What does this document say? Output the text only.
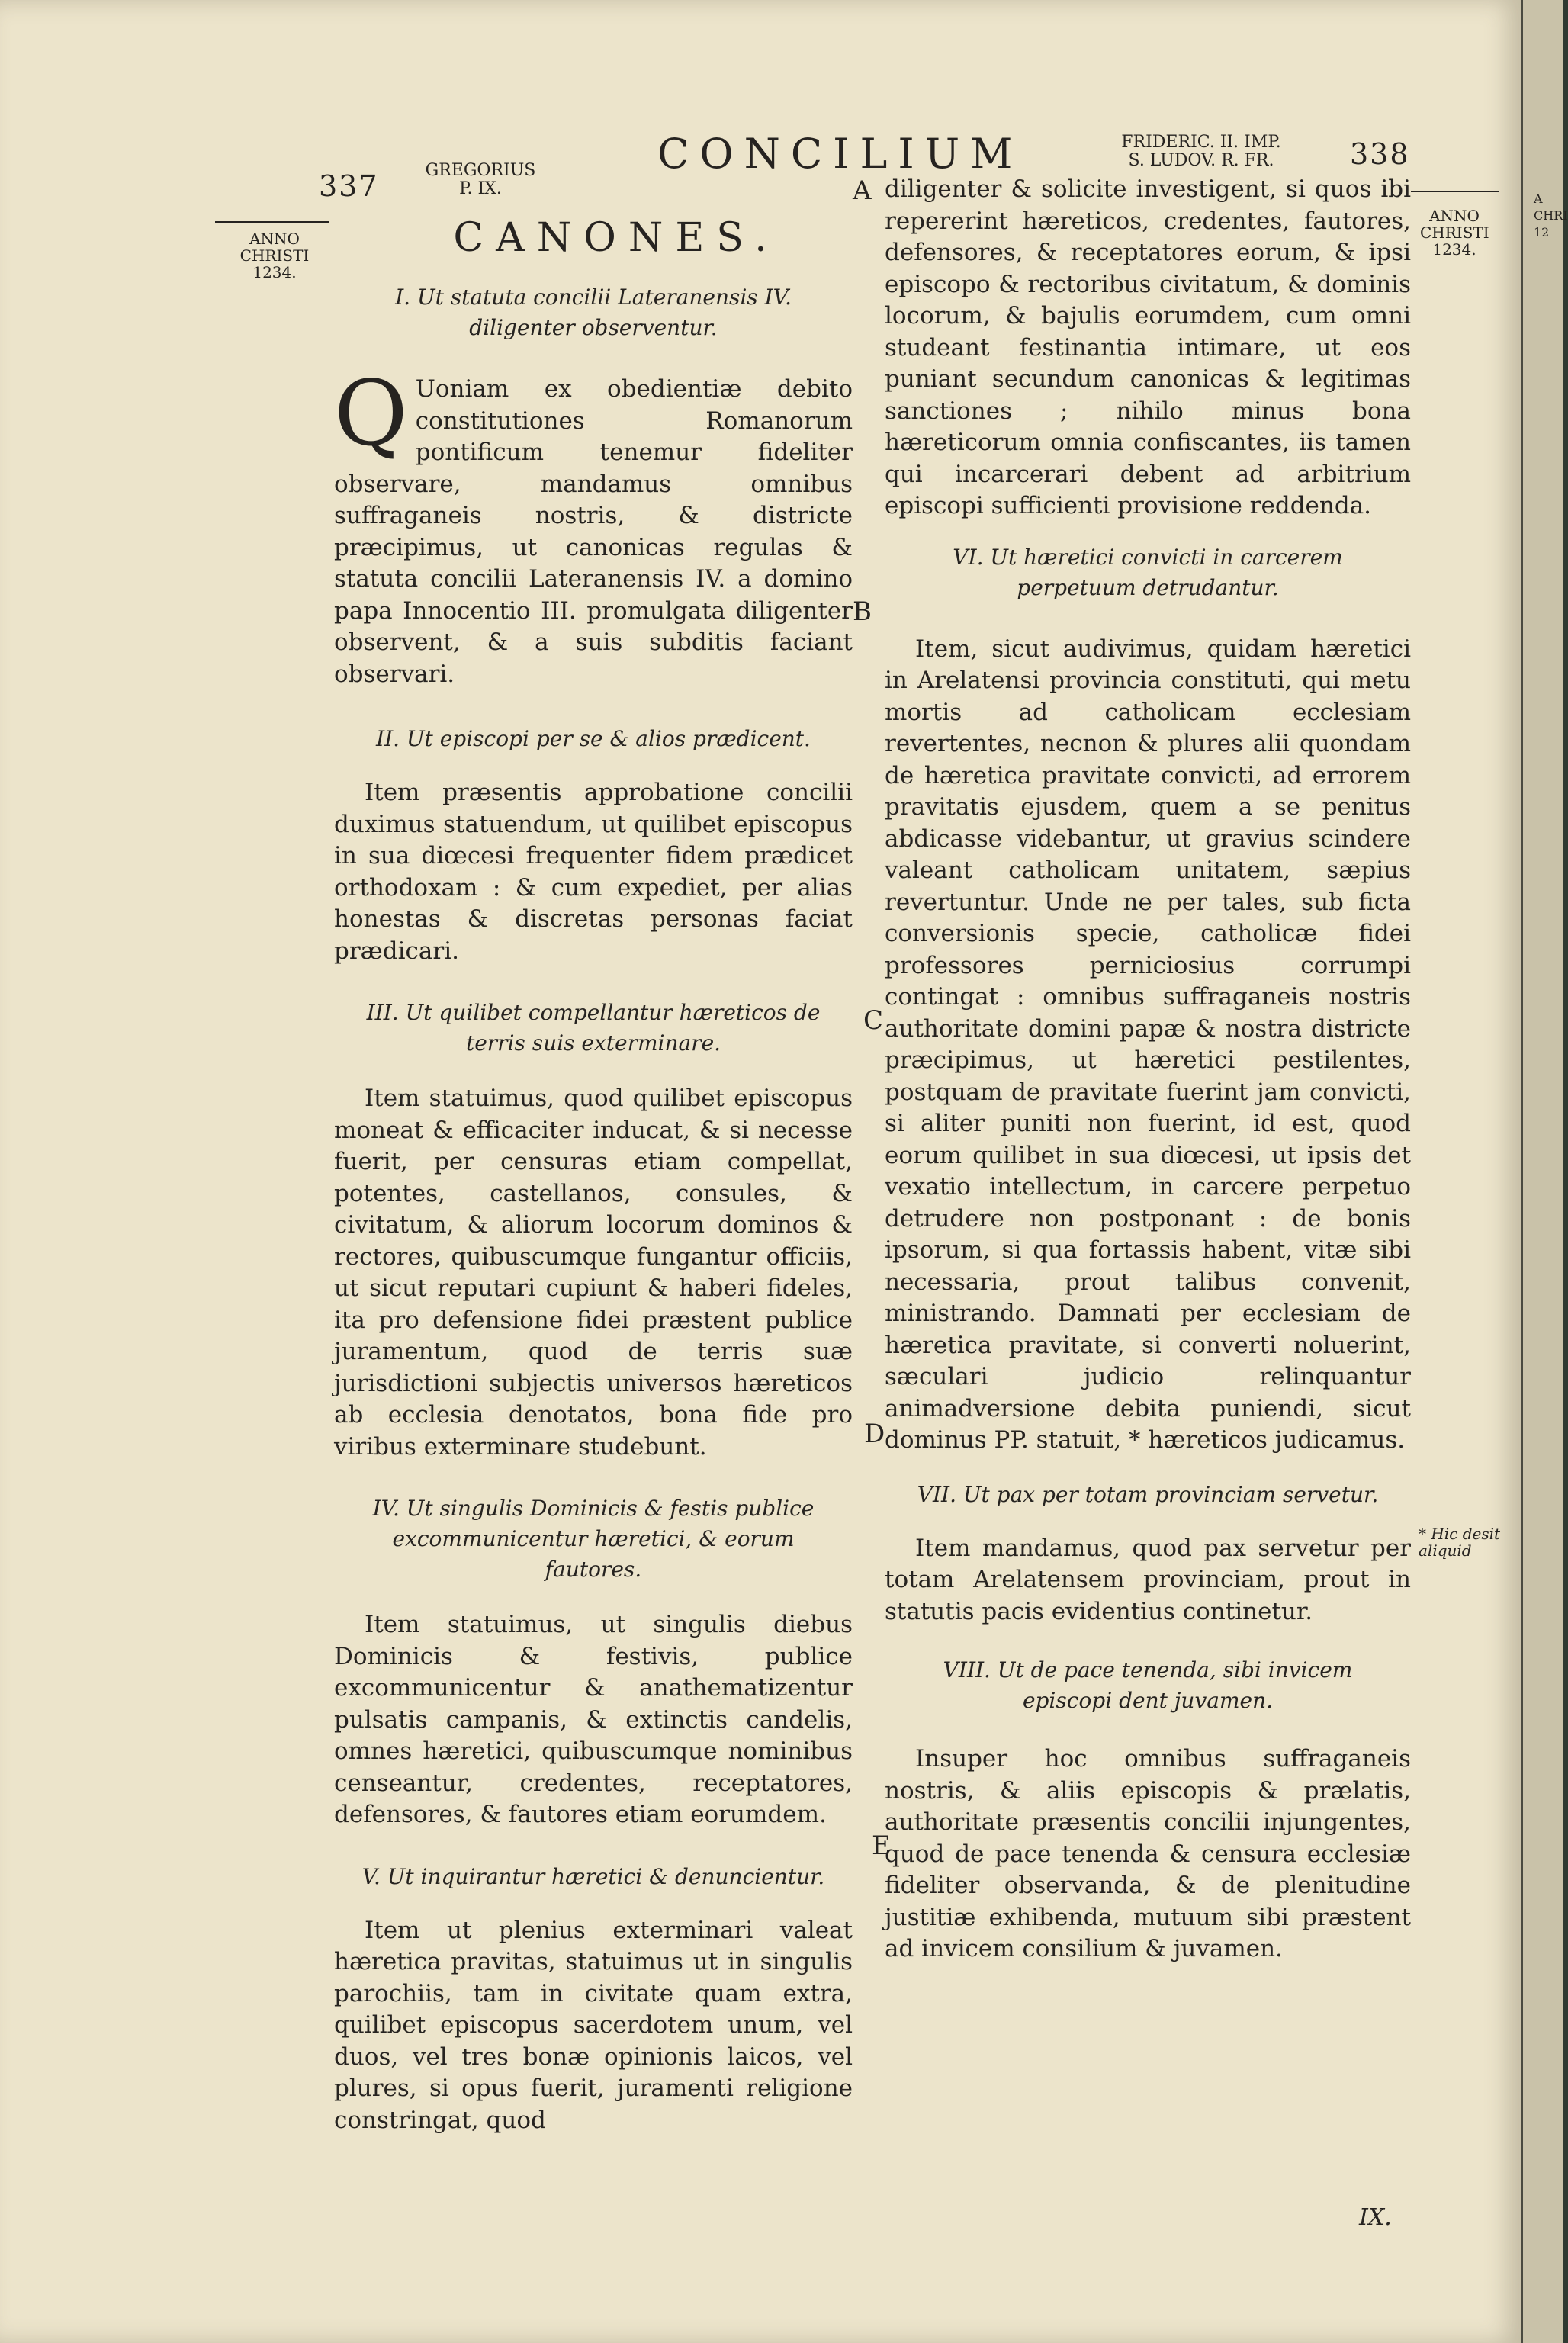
337	GREGORIUS
P. IX.
CONCILIUM	FRIDERIC. II. IMP.
S. LUDOV. R. FR.	338
ANNO
CHRISTI
1234.
ANNO
CHRISTI
1234.
* Hic desit
aliquid
A
B
C
D
E
CANONES.
I. Ut statuta concilii Lateranensis IV. diligenter observentur.
QUoniam ex obedientiæ debito constitutiones Romanorum pontificum tenemur fideliter observare, mandamus omnibus suffraganeis nostris, & districte præcipimus, ut canonicas regulas & statuta concilii Lateranensis IV. a domino papa Innocentio III. promulgata diligenter observent, & a suis subditis faciant observari.
II. Ut episcopi per se & alios prædicent.
Item præsentis approbatione concilii duximus statuendum, ut quilibet episcopus in sua diœcesi frequenter fidem prædicet orthodoxam : & cum expediet, per alias honestas & discretas personas faciat prædicari.
III. Ut quilibet compellantur hæreticos de terris suis exterminare.
Item statuimus, quod quilibet episcopus moneat & efficaciter inducat, & si necesse fuerit, per censuras etiam compellat, potentes, castellanos, consules, & civitatum, & aliorum locorum dominos & rectores, quibuscumque fungantur officiis, ut sicut reputari cupiunt & haberi fideles, ita pro defensione fidei præstent publice juramentum, quod de terris suæ jurisdictioni subjectis universos hæreticos ab ecclesia denotatos, bona fide pro viribus exterminare studebunt.
IV. Ut singulis Dominicis & festis publice excommunicentur hæretici, & eorum fautores.
Item statuimus, ut singulis diebus Dominicis & festivis, publice excommunicentur & anathematizentur pulsatis campanis, & extinctis candelis, omnes hæretici, quibuscumque nominibus censeantur, credentes, receptatores, defensores, & fautores etiam eorumdem.
V. Ut inquirantur hæretici & denuncientur.
Item ut plenius exterminari valeat hæretica pravitas, statuimus ut in singulis parochiis, tam in civitate quam extra, quilibet episcopus sacerdotem unum, vel duos, vel tres bonæ opinionis laicos, vel plures, si opus fuerit, juramenti religione constringat, quod
diligenter & solicite investigent, si quos ibi repererint hæreticos, credentes, fautores, defensores, & receptatores eorum, & ipsi episcopo & rectoribus civitatum, & dominis locorum, & bajulis eorumdem, cum omni studeant festinantia intimare, ut eos puniant secundum canonicas & legitimas sanctiones ; nihilo minus bona hæreticorum omnia confiscantes, iis tamen qui incarcerari debent ad arbitrium episcopi sufficienti provisione reddenda.
VI. Ut hæretici convicti in carcerem perpetuum detrudantur.
Item, sicut audivimus, quidam hæretici in Arelatensi provincia constituti, qui metu mortis ad catholicam ecclesiam revertentes, necnon & plures alii quondam de hæretica pravitate convicti, ad errorem pravitatis ejusdem, quem a se penitus abdicasse videbantur, ut gravius scindere valeant catholicam unitatem, sæpius revertuntur. Unde ne per tales, sub ficta conversionis specie, catholicæ fidei professores perniciosius corrumpi contingat : omnibus suffraganeis nostris authoritate domini papæ & nostra districte præcipimus, ut hæretici pestilentes, postquam de pravitate fuerint jam convicti, si aliter puniti non fuerint, id est, quod eorum quilibet in sua diœcesi, ut ipsis det vexatio intellectum, in carcere perpetuo detrudere non postponant : de bonis ipsorum, si qua fortassis habent, vitæ sibi necessaria, prout talibus convenit, ministrando. Damnati per ecclesiam de hæretica pravitate, si converti noluerint, sæculari judicio relinquantur animadversione debita puniendi, sicut dominus PP. statuit, * hæreticos judicamus.
VII. Ut pax per totam provinciam servetur.
Item mandamus, quod pax servetur per totam Arelatensem provinciam, prout in statutis pacis evidentius continetur.
VIII. Ut de pace tenenda, sibi invicem episcopi dent juvamen.
Insuper hoc omnibus suffraganeis nostris, & aliis episcopis & prælatis, authoritate præsentis concilii injungentes, quod de pace tenenda & censura ecclesiæ fideliter observanda, & de plenitudine justitiæ exhibenda, mutuum sibi præstent ad invicem consilium & juvamen.
IX.
A
CHRI
12
